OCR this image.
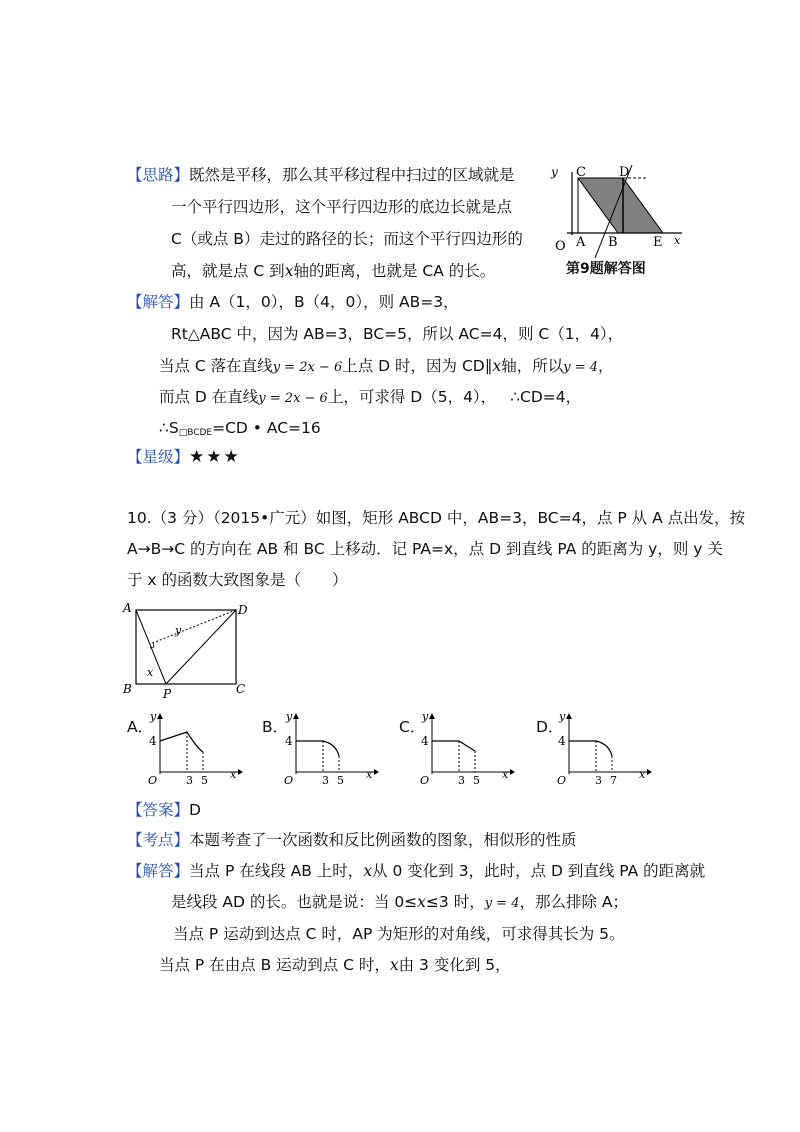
【思路】既然是平移，那么其平移过程中扫过的区域就是
一个平行四边形，这个平行四边形的底边长就是点
C（或点 B）走过的路径的长；而这个平行四边形的
高，就是点 C 到x轴的距离，也就是 CA 的长。
y C	D
O A B	E x
第9题解答图
【解答】由 A（1，0），B（4，0），则 AB=3，
Rt△ABC 中，因为 AB=3，BC=5，所以 AC=4，则 C（1，4），
当点 C 落在直线y = 2x − 6上点 D 时，因为 CD∥x轴，所以y = 4，
而点 D 在直线y = 2x − 6上，可求得 D（5，4）， ∴CD=4，
$\therefore S_{□BCDE}=CD$ • AC=16
【星级】★★★
10.（3 分）（2015•广元）如图，矩形 ABCD 中，AB=3，BC=4，点 P 从 A 点出发，按
A→B→C 的方向在 AB 和 BC 上移动．记 PA=x，点 D 到直线 PA 的距离为 y，则 y 关
于 x 的函数大致图象是（　　）
A	D
B	C
P
x
y
A．
y
4
O	3 5 x
B．
y
4
O	3 5 x
C．
y
4
O	3 5 x
D．
y
4
O	3 7 x
【答案】D
【考点】本题考查了一次函数和反比例函数的图象，相似形的性质
【解答】当点 P 在线段 AB 上时，x从 0 变化到 3，此时，点 D 到直线 PA 的距离就
是线段 AD 的长。也就是说：当 0≤x≤3 时，y = 4，那么排除 A；
当点 P 运动到达点 C 时，AP 为矩形的对角线，可求得其长为 5。
当点 P 在由点 B 运动到点 C 时，x由 3 变化到 5，
